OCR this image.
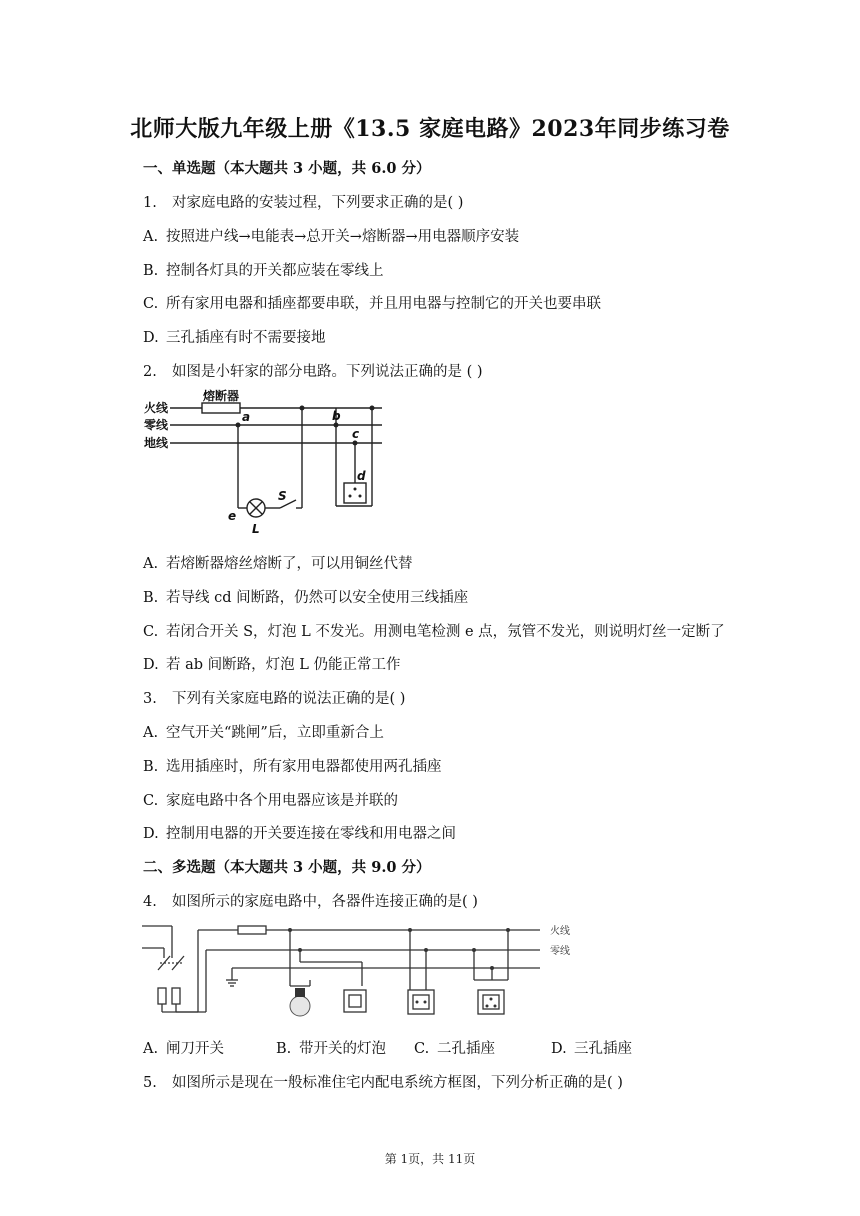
北师大版九年级上册《13.5 家庭电路》2023年同步练习卷
一、单选题（本大题共 3 小题，共 6.0 分）
1. 对家庭电路的安装过程，下列要求正确的是( )
A. 按照进户线→电能表→总开关→熔断器→用电器顺序安装
B. 控制各灯具的开关都应装在零线上
C. 所有家用电器和插座都要串联，并且用电器与控制它的开关也要串联
D. 三孔插座有时不需要接地
2. 如图是小轩家的部分电路。下列说法正确的是 ( )
火线
零线
地线
熔断器
a	b
c
d
e
S
L
A. 若熔断器熔丝熔断了，可以用铜丝代替
B. 若导线 cd 间断路，仍然可以安全使用三线插座
C. 若闭合开关 S，灯泡 L 不发光。用测电笔检测 e 点，氖管不发光，则说明灯丝一定断了
D. 若 ab 间断路，灯泡 L 仍能正常工作
3. 下列有关家庭电路的说法正确的是( )
A. 空气开关“跳闸”后，立即重新合上
B. 选用插座时，所有家用电器都使用两孔插座
C. 家庭电路中各个用电器应该是并联的
D. 控制用电器的开关要连接在零线和用电器之间
二、多选题（本大题共 3 小题，共 9.0 分）
4. 如图所示的家庭电路中，各器件连接正确的是( )
火线
零线
A. 闸刀开关	B. 带开关的灯泡 C. 二孔插座	D. 三孔插座
5. 如图所示是现在一般标准住宅内配电系统方框图，下列分析正确的是( )
第 1页，共 11页
